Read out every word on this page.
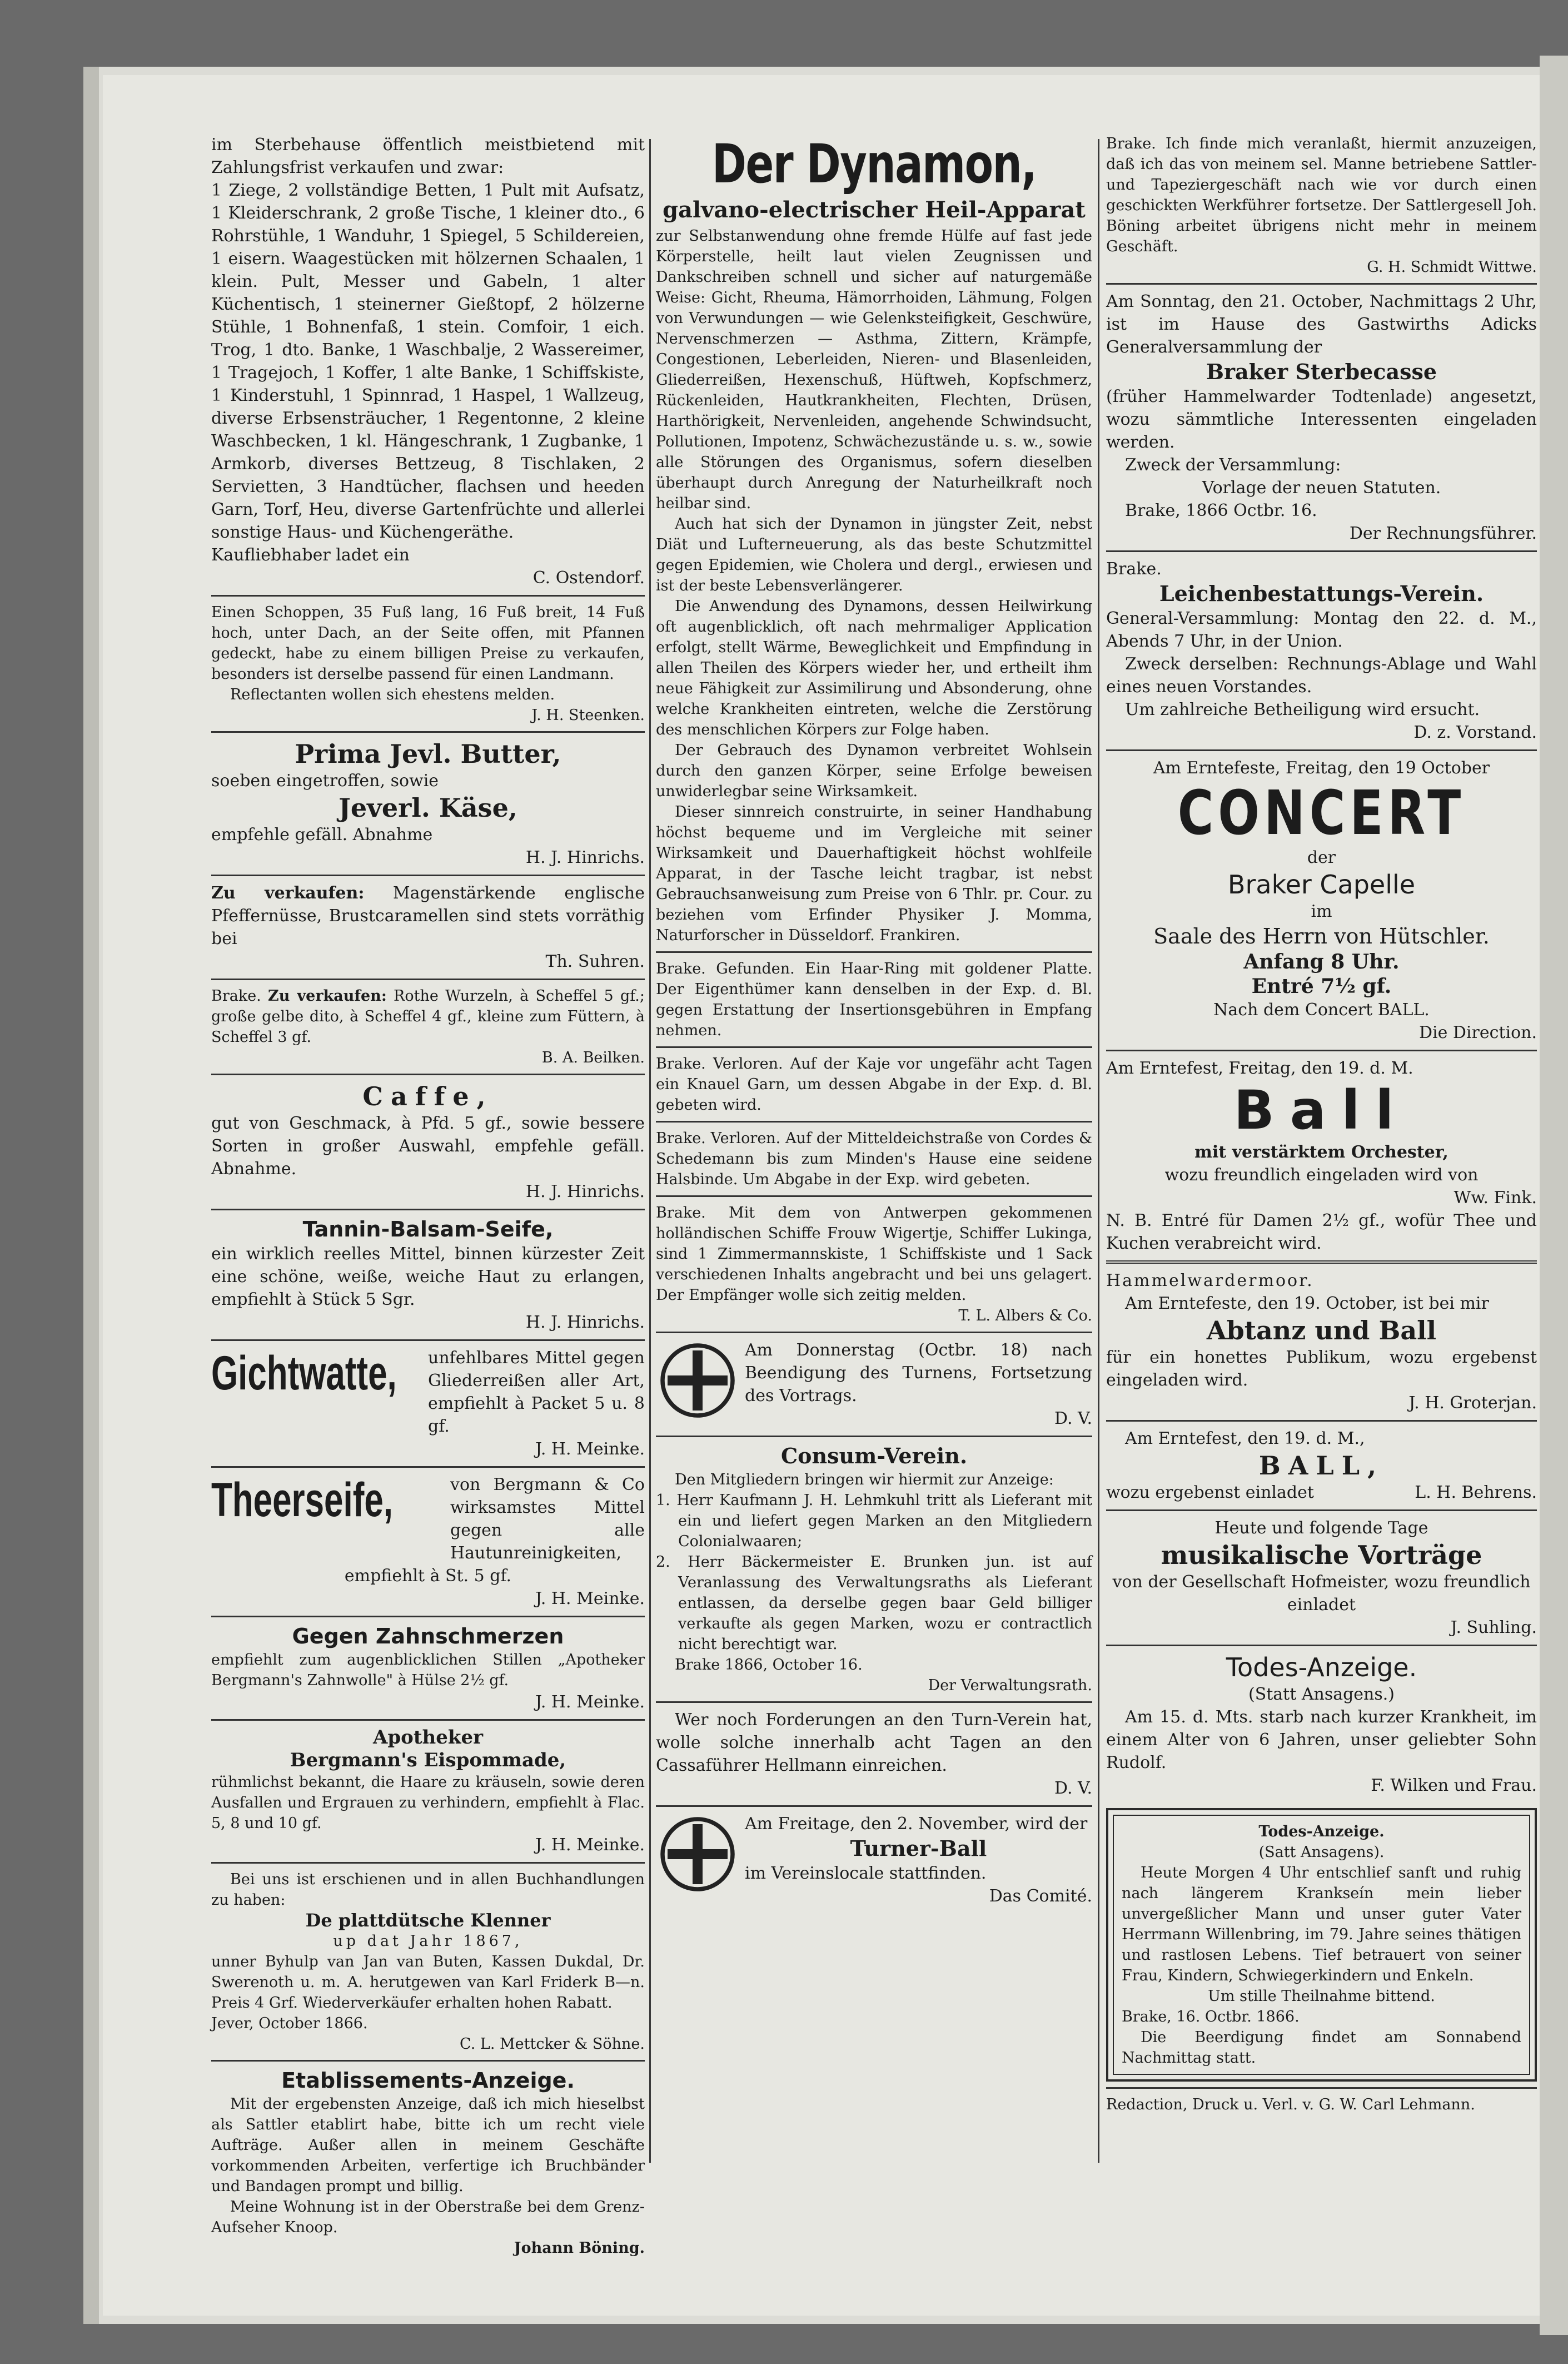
im Sterbehause öffentlich meistbietend mit Zahlungsfrist verkaufen und zwar:

1 Ziege, 2 vollständige Betten, 1 Pult mit Aufsatz, 1 Kleiderschrank, 2 große Tische, 1 kleiner dto., 6 Rohrstühle, 1 Wanduhr, 1 Spiegel, 5 Schildereien, 1 eisern. Waagestücken mit hölzernen Schaalen, 1 klein. Pult, Messer und Gabeln, 1 alter Küchentisch, 1 steinerner Gießtopf, 2 hölzerne Stühle, 1 Bohnenfaß, 1 stein. Comfoir, 1 eich. Trog, 1 dto. Banke, 1 Waschbalje, 2 Wassereimer, 1 Tragejoch, 1 Koffer, 1 alte Banke, 1 Schiffskiste, 1 Kinderstuhl, 1 Spinnrad, 1 Haspel, 1 Wallzeug, diverse Erbsensträucher, 1 Regentonne, 2 kleine Waschbecken, 1 kl. Hängeschrank, 1 Zugbanke, 1 Armkorb, diverses Bettzeug, 8 Tischlaken, 2 Servietten, 3 Handtücher, flachsen und heeden Garn, Torf, Heu, diverse Gartenfrüchte und allerlei sonstige Haus- und Küchengeräthe.

Kaufliebhaber ladet ein

C. Ostendorf.

Einen Schoppen, 35 Fuß lang, 16 Fuß breit, 14 Fuß hoch, unter Dach, an der Seite offen, mit Pfannen gedeckt, habe zu einem billigen Preise zu verkaufen, besonders ist derselbe passend für einen Landmann.

Reflectanten wollen sich ehestens melden.

J. H. Steenken.

Prima Jevl. Butter,

soeben eingetroffen, sowie

Jeverl. Käse,

empfehle gefäll. Abnahme

H. J. Hinrichs.

Zu verkaufen: Magenstärkende englische Pfeffernüsse, Brustcaramellen sind stets vorräthig bei

Th. Suhren.

Brake. Zu verkaufen: Rothe Wurzeln, à Scheffel 5 gf.; große gelbe dito, à Scheffel 4 gf., kleine zum Füttern, à Scheffel 3 gf.

B. A. Beilken.

Caffe,

gut von Geschmack, à Pfd. 5 gf., sowie bessere Sorten in großer Auswahl, empfehle gefäll. Abnahme.

H. J. Hinrichs.

Tannin-Balsam-Seife,

ein wirklich reelles Mittel, binnen kürzester Zeit eine schöne, weiße, weiche Haut zu erlangen, empfiehlt à Stück 5 Sgr.

H. J. Hinrichs.

Gichtwatte, unfehlbares Mittel gegen Gliederreißen aller Art, empfiehlt à Packet 5 u. 8 gf.

J. H. Meinke.

Theerseife,	von Bergmann & Co wirksamstes Mittel gegen alle Hautunreinigkeiten,

empfiehlt à St. 5 gf.

J. H. Meinke.

Gegen Zahnschmerzen

empfiehlt zum augenblicklichen Stillen „Apotheker Bergmann's Zahnwolle" à Hülse 2½ gf.

J. H. Meinke.

Apotheker
Bergmann's Eispommade,

rühmlichst bekannt, die Haare zu kräuseln, sowie deren Ausfallen und Ergrauen zu verhindern, empfiehlt à Flac. 5, 8 und 10 gf.

J. H. Meinke.

Bei uns ist erschienen und in allen Buchhandlungen zu haben:

De plattdütsche Klenner
up dat Jahr 1867,

unner Byhulp van Jan van Buten, Kassen Dukdal, Dr. Swerenoth u. m. A. herutgewen van Karl Friderk B—n. Preis 4 Grf. Wiederverkäufer erhalten hohen Rabatt.

Jever, October 1866.

C. L. Mettcker & Söhne.

Etablissements-Anzeige.

Mit der ergebensten Anzeige, daß ich mich hieselbst als Sattler etablirt habe, bitte ich um recht viele Aufträge. Außer allen in meinem Geschäfte vorkommenden Arbeiten, verfertige ich Bruchbänder und Bandagen prompt und billig.

Meine Wohnung ist in der Oberstraße bei dem Grenz-Aufseher Knoop.

Johann Böning.

Der Dynamon,
galvano-electrischer Heil-Apparat

zur Selbstanwendung ohne fremde Hülfe auf fast jede Körperstelle, heilt laut vielen Zeugnissen und Dankschreiben schnell und sicher auf naturgemäße Weise: Gicht, Rheuma, Hämorrhoiden, Lähmung, Folgen von Verwundungen — wie Gelenksteifigkeit, Geschwüre, Nervenschmerzen — Asthma, Zittern, Krämpfe, Congestionen, Leberleiden, Nieren- und Blasenleiden, Gliederreißen, Hexenschuß, Hüftweh, Kopfschmerz, Rückenleiden, Hautkrankheiten, Flechten, Drüsen, Harthörigkeit, Nervenleiden, angehende Schwindsucht, Pollutionen, Impotenz, Schwächezustände u. s. w., sowie alle Störungen des Organismus, sofern dieselben überhaupt durch Anregung der Naturheilkraft noch heilbar sind.

Auch hat sich der Dynamon in jüngster Zeit, nebst Diät und Lufterneuerung, als das beste Schutzmittel gegen Epidemien, wie Cholera und dergl., erwiesen und ist der beste Lebensverlängerer.

Die Anwendung des Dynamons, dessen Heilwirkung oft augenblicklich, oft nach mehrmaliger Application erfolgt, stellt Wärme, Beweglichkeit und Empfindung in allen Theilen des Körpers wieder her, und ertheilt ihm neue Fähigkeit zur Assimilirung und Absonderung, ohne welche Krankheiten eintreten, welche die Zerstörung des menschlichen Körpers zur Folge haben.

Der Gebrauch des Dynamon verbreitet Wohlsein durch den ganzen Körper, seine Erfolge beweisen unwiderlegbar seine Wirksamkeit.

Dieser sinnreich construirte, in seiner Handhabung höchst bequeme und im Vergleiche mit seiner Wirksamkeit und Dauerhaftigkeit höchst wohlfeile Apparat, in der Tasche leicht tragbar, ist nebst Gebrauchsanweisung zum Preise von 6 Thlr. pr. Cour. zu beziehen vom Erfinder Physiker J. Momma, Naturforscher in Düsseldorf. Frankiren.

Brake. Gefunden. Ein Haar-Ring mit goldener Platte. Der Eigenthümer kann denselben in der Exp. d. Bl. gegen Erstattung der Insertionsgebühren in Empfang nehmen.

Brake. Verloren. Auf der Kaje vor ungefähr acht Tagen ein Knauel Garn, um dessen Abgabe in der Exp. d. Bl. gebeten wird.

Brake. Verloren. Auf der Mitteldeichstraße von Cordes & Schedemann bis zum Minden's Hause eine seidene Halsbinde. Um Abgabe in der Exp. wird gebeten.

Brake. Mit dem von Antwerpen gekommenen holländischen Schiffe Frouw Wigertje, Schiffer Lukinga, sind 1 Zimmermannskiste, 1 Schiffskiste und 1 Sack verschiedenen Inhalts angebracht und bei uns gelagert. Der Empfänger wolle sich zeitig melden.

T. L. Albers & Co.

Am Donnerstag (Octbr. 18) nach Beendigung des Turnens, Fortsetzung des Vortrags.

D. V.

Consum-Verein.

Den Mitgliedern bringen wir hiermit zur Anzeige:

1. Herr Kaufmann J. H. Lehmkuhl tritt als Lieferant mit ein und liefert gegen Marken an den Mitgliedern Colonialwaaren;

2. Herr Bäckermeister E. Brunken jun. ist auf Veranlassung des Verwaltungsraths als Lieferant entlassen, da derselbe gegen baar Geld billiger verkaufte als gegen Marken, wozu er contractlich nicht berechtigt war.

Brake 1866, October 16.

Der Verwaltungsrath.

Wer noch Forderungen an den Turn-Verein hat, wolle solche innerhalb acht Tagen an den Cassaführer Hellmann einreichen.

D. V.

Am Freitage, den 2. November, wird der

Turner-Ball

im Vereinslocale stattfinden.

Das Comité.

Brake. Ich finde mich veranlaßt, hiermit anzuzeigen, daß ich das von meinem sel. Manne betriebene Sattler- und Tapeziergeschäft nach wie vor durch einen geschickten Werkführer fortsetze. Der Sattlergesell Joh. Böning arbeitet übrigens nicht mehr in meinem Geschäft.

G. H. Schmidt Wittwe.

Am Sonntag, den 21. October, Nachmittags 2 Uhr, ist im Hause des Gastwirths Adicks Generalversammlung der

Braker Sterbecasse

(früher Hammelwarder Todtenlade) angesetzt, wozu sämmtliche Interessenten eingeladen werden.

Zweck der Versammlung:

Vorlage der neuen Statuten.

Brake, 1866 Octbr. 16.

Der Rechnungsführer.

Brake.

Leichenbestattungs-Verein.

General-Versammlung: Montag den 22. d. M., Abends 7 Uhr, in der Union.

Zweck derselben: Rechnungs-Ablage und Wahl eines neuen Vorstandes.

Um zahlreiche Betheiligung wird ersucht.

D. z. Vorstand.

Am Erntefeste, Freitag, den 19 October

CONCERT

der

Braker Capelle

im

Saale des Herrn von Hütschler.
Anfang 8 Uhr.
Entré 7½ gf.

Nach dem Concert BALL.

Die Direction.

Am Erntefest, Freitag, den 19. d. M.

Ball
mit verstärktem Orchester,

wozu freundlich eingeladen wird von

Ww. Fink.

N. B. Entré für Damen 2½ gf., wofür Thee und Kuchen verabreicht wird.

Hammelwardermoor.

Am Erntefeste, den 19. October, ist bei mir

Abtanz und Ball

für ein honettes Publikum, wozu ergebenst eingeladen wird.

J. H. Groterjan.

Am Erntefest, den 19. d. M.,

BALL,

wozu ergebenst einladet	L. H. Behrens.

Heute und folgende Tage

musikalische Vorträge

von der Gesellschaft Hofmeister, wozu freundlich einladet

J. Suhling.

Todes-Anzeige.

(Statt Ansagens.)

Am 15. d. Mts. starb nach kurzer Krankheit, im einem Alter von 6 Jahren, unser geliebter Sohn Rudolf.

F. Wilken und Frau.

Todes-Anzeige.

(Satt Ansagens).

Heute Morgen 4 Uhr entschlief sanft und ruhig nach längerem Krankseín mein lieber unvergeßlicher Mann und unser guter Vater Herrmann Willenbring, im 79. Jahre seines thätigen und rastlosen Lebens. Tief betrauert von seiner Frau, Kindern, Schwiegerkindern und Enkeln.

Um stille Theilnahme bittend.

Brake, 16. Octbr. 1866.

Die Beerdigung findet am Sonnabend Nachmittag statt.

Redaction, Druck u. Verl. v. G. W. Carl Lehmann.
